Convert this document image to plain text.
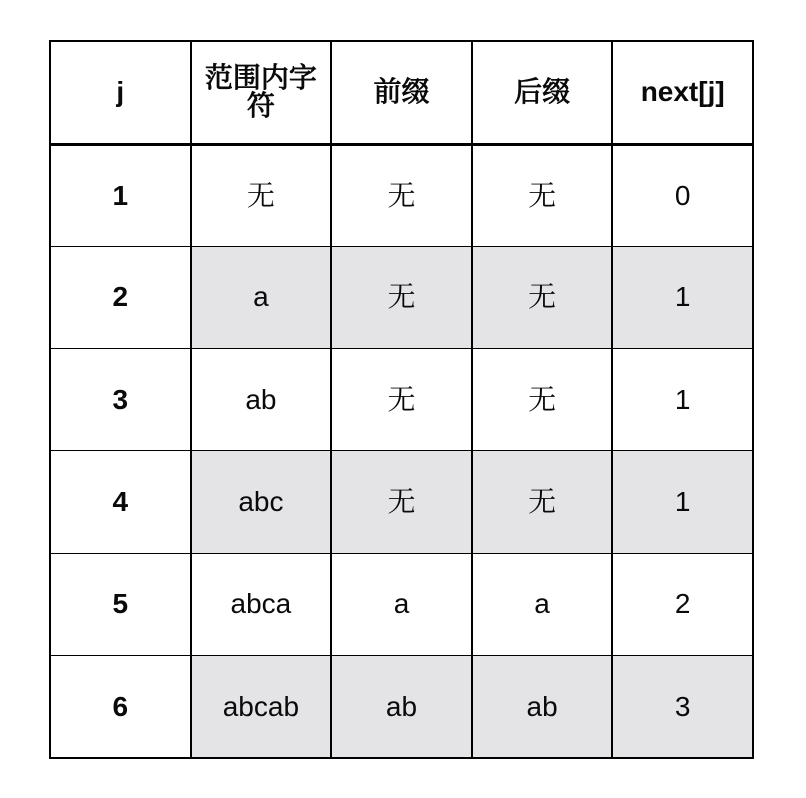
j	范围内字符	前缀	后缀	next[j]
1	无	无	无	0
2	a	无	无	1
3	ab	无	无	1
4	abc	无	无	1
5	abca	a	a	2
6	abcab	ab	ab	3
